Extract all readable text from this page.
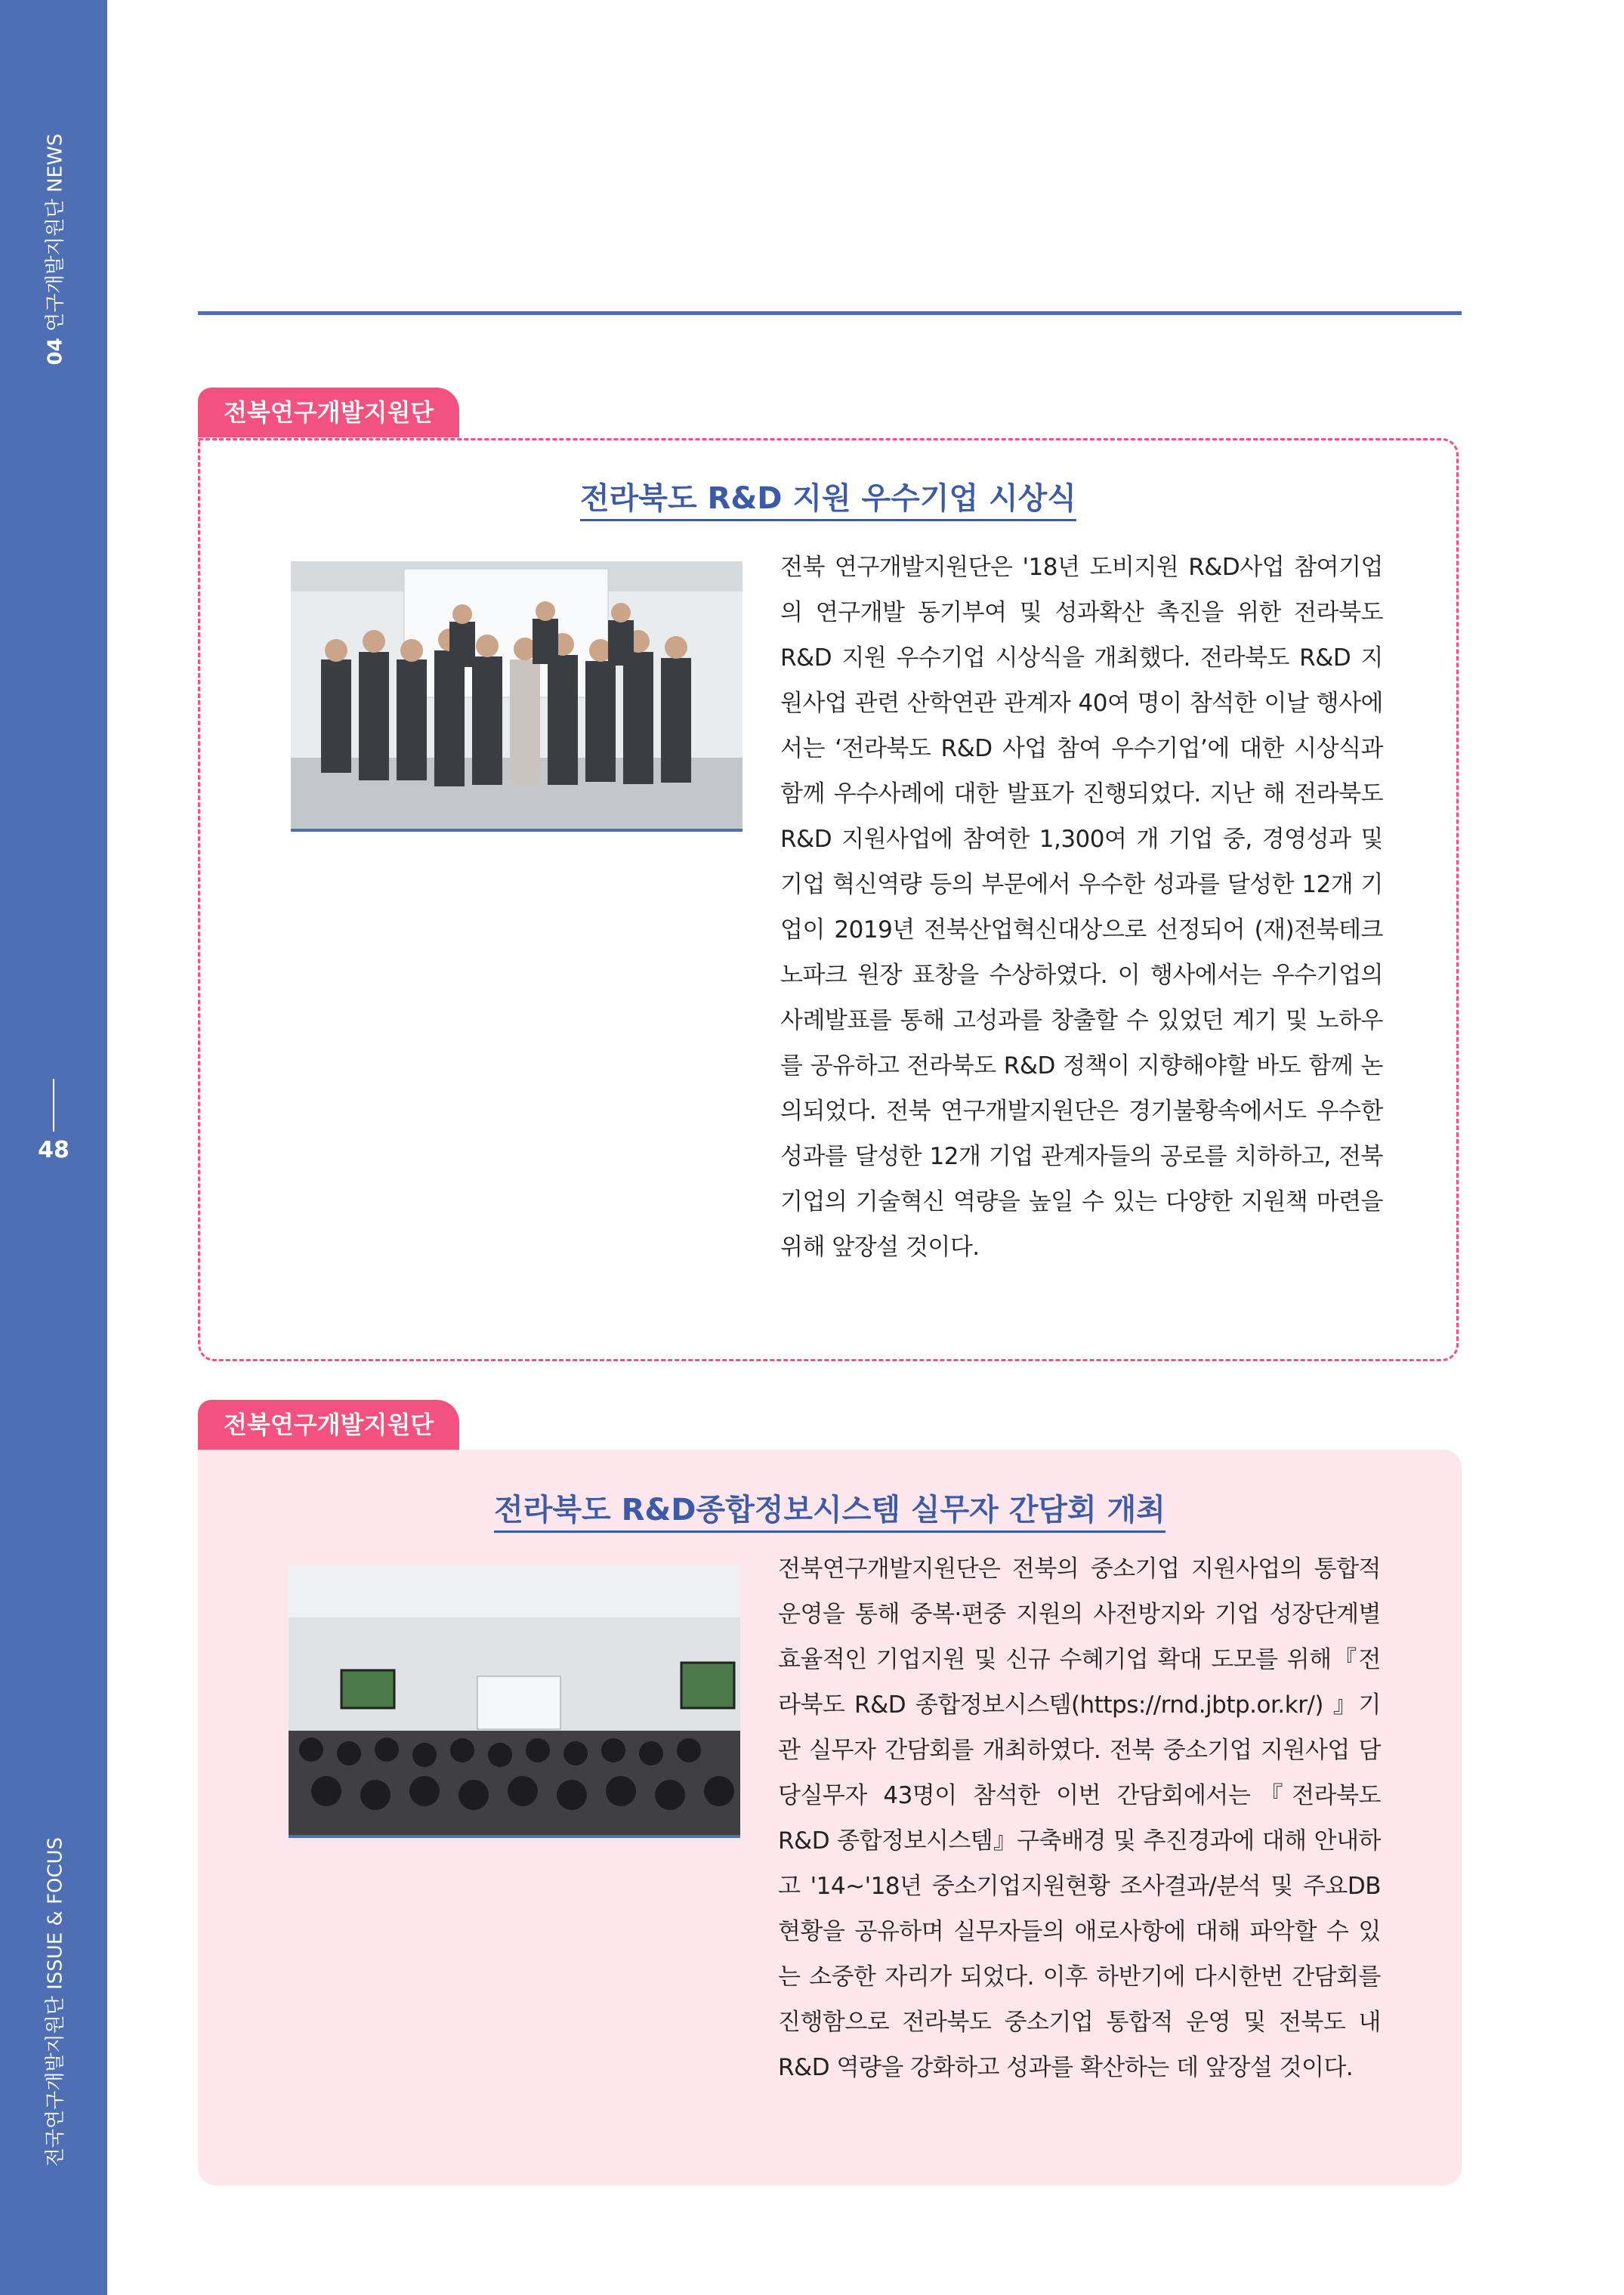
04 연구개발지원단 NEWS
48
전국연구개발지원단 ISSUE & FOCUS
전북연구개발지원단
전라북도 R&D 지원 우수기업 시상식

전북 연구개발지원단은 '18년 도비지원 R&D사업 참여기업의 연구개발 동기부여 및 성과확산 촉진을 위한 전라북도 R&D 지원 우수기업 시상식을 개최했다. 전라북도 R&D 지원사업 관련 산학연관 관계자 40여 명이 참석한 이날 행사에서는 ‘전라북도 R&D 사업 참여 우수기업’에 대한 시상식과 함께 우수사례에 대한 발표가 진행되었다. 지난 해 전라북도 R&D 지원사업에 참여한 1,300여 개 기업 중, 경영성과 및 기업 혁신역량 등의 부문에서 우수한 성과를 달성한 12개 기업이 2019년 전북산업혁신대상으로 선정되어 (재)전북테크노파크 원장 표창을 수상하였다. 이 행사에서는 우수기업의 사례발표를 통해 고성과를 창출할 수 있었던 계기 및 노하우를 공유하고 전라북도 R&D 정책이 지향해야할 바도 함께 논의되었다. 전북 연구개발지원단은 경기불황속에서도 우수한 성과를 달성한 12개 기업 관계자들의 공로를 치하하고, 전북 기업의 기술혁신 역량을 높일 수 있는 다양한 지원책 마련을 위해 앞장설 것이다.

전북연구개발지원단
전라북도 R&D종합정보시스템 실무자 간담회 개최

전북연구개발지원단은 전북의 중소기업 지원사업의 통합적 운영을 통해 중복·편중 지원의 사전방지와 기업 성장단계별 효율적인 기업지원 및 신규 수혜기업 확대 도모를 위해『전라북도 R&D 종합정보시스템(https://rnd.jbtp.or.kr/) 』기관 실무자 간담회를 개최하였다. 전북 중소기업 지원사업 담당실무자 43명이 참석한 이번 간담회에서는『전라북도 R&D 종합정보시스템』구축배경 및 추진경과에 대해 안내하고 '14~'18년 중소기업지원현황 조사결과/분석 및 주요DB 현황을 공유하며 실무자들의 애로사항에 대해 파악할 수 있는 소중한 자리가 되었다. 이후 하반기에 다시한번 간담회를 진행함으로 전라북도 중소기업 통합적 운영 및 전북도 내 R&D 역량을 강화하고 성과를 확산하는 데 앞장설 것이다.
